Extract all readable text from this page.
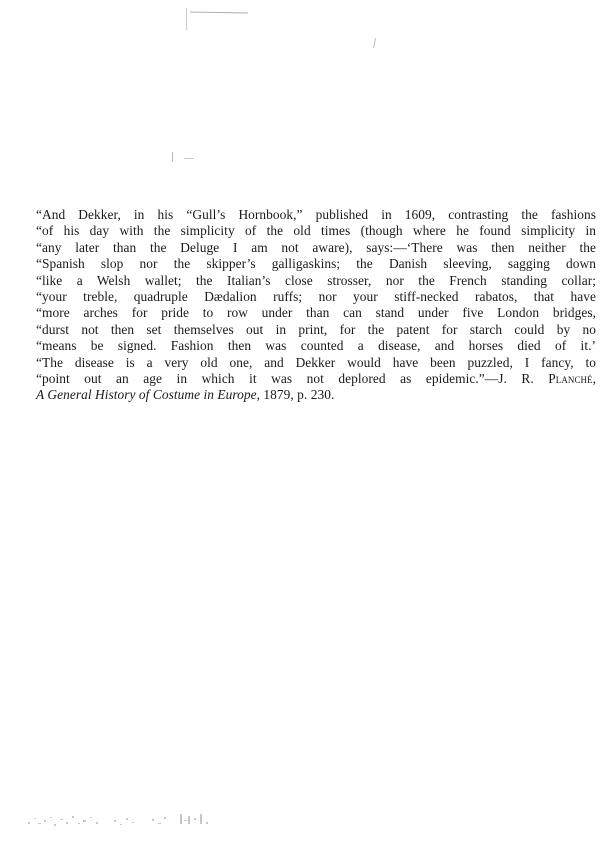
“And Dekker, in his “Gull’s Hornbook,” published in 1609, contrasting the fashions
“of his day with the simplicity of the old times (though where he found simplicity in
“any later than the Deluge I am not aware), says:—‘There was then neither the
“Spanish slop nor the skipper’s galligaskins; the Danish sleeving, sagging down
“like a Welsh wallet; the Italian’s close strosser, nor the French standing collar;
“your treble, quadruple Dædalion ruffs; nor your stiff-necked rabatos, that have
“more arches for pride to row under than can stand under five London bridges,
“durst not then set themselves out in print, for the patent for starch could by no
“means be signed. Fashion then was counted a disease, and horses died of it.’
“The disease is a very old one, and Dekker would have been puzzled, I fancy, to
“point out an age in which it was not deplored as epidemic.”—J. R. Planché,
A General History of Costume in Europe, 1879, p. 230.
